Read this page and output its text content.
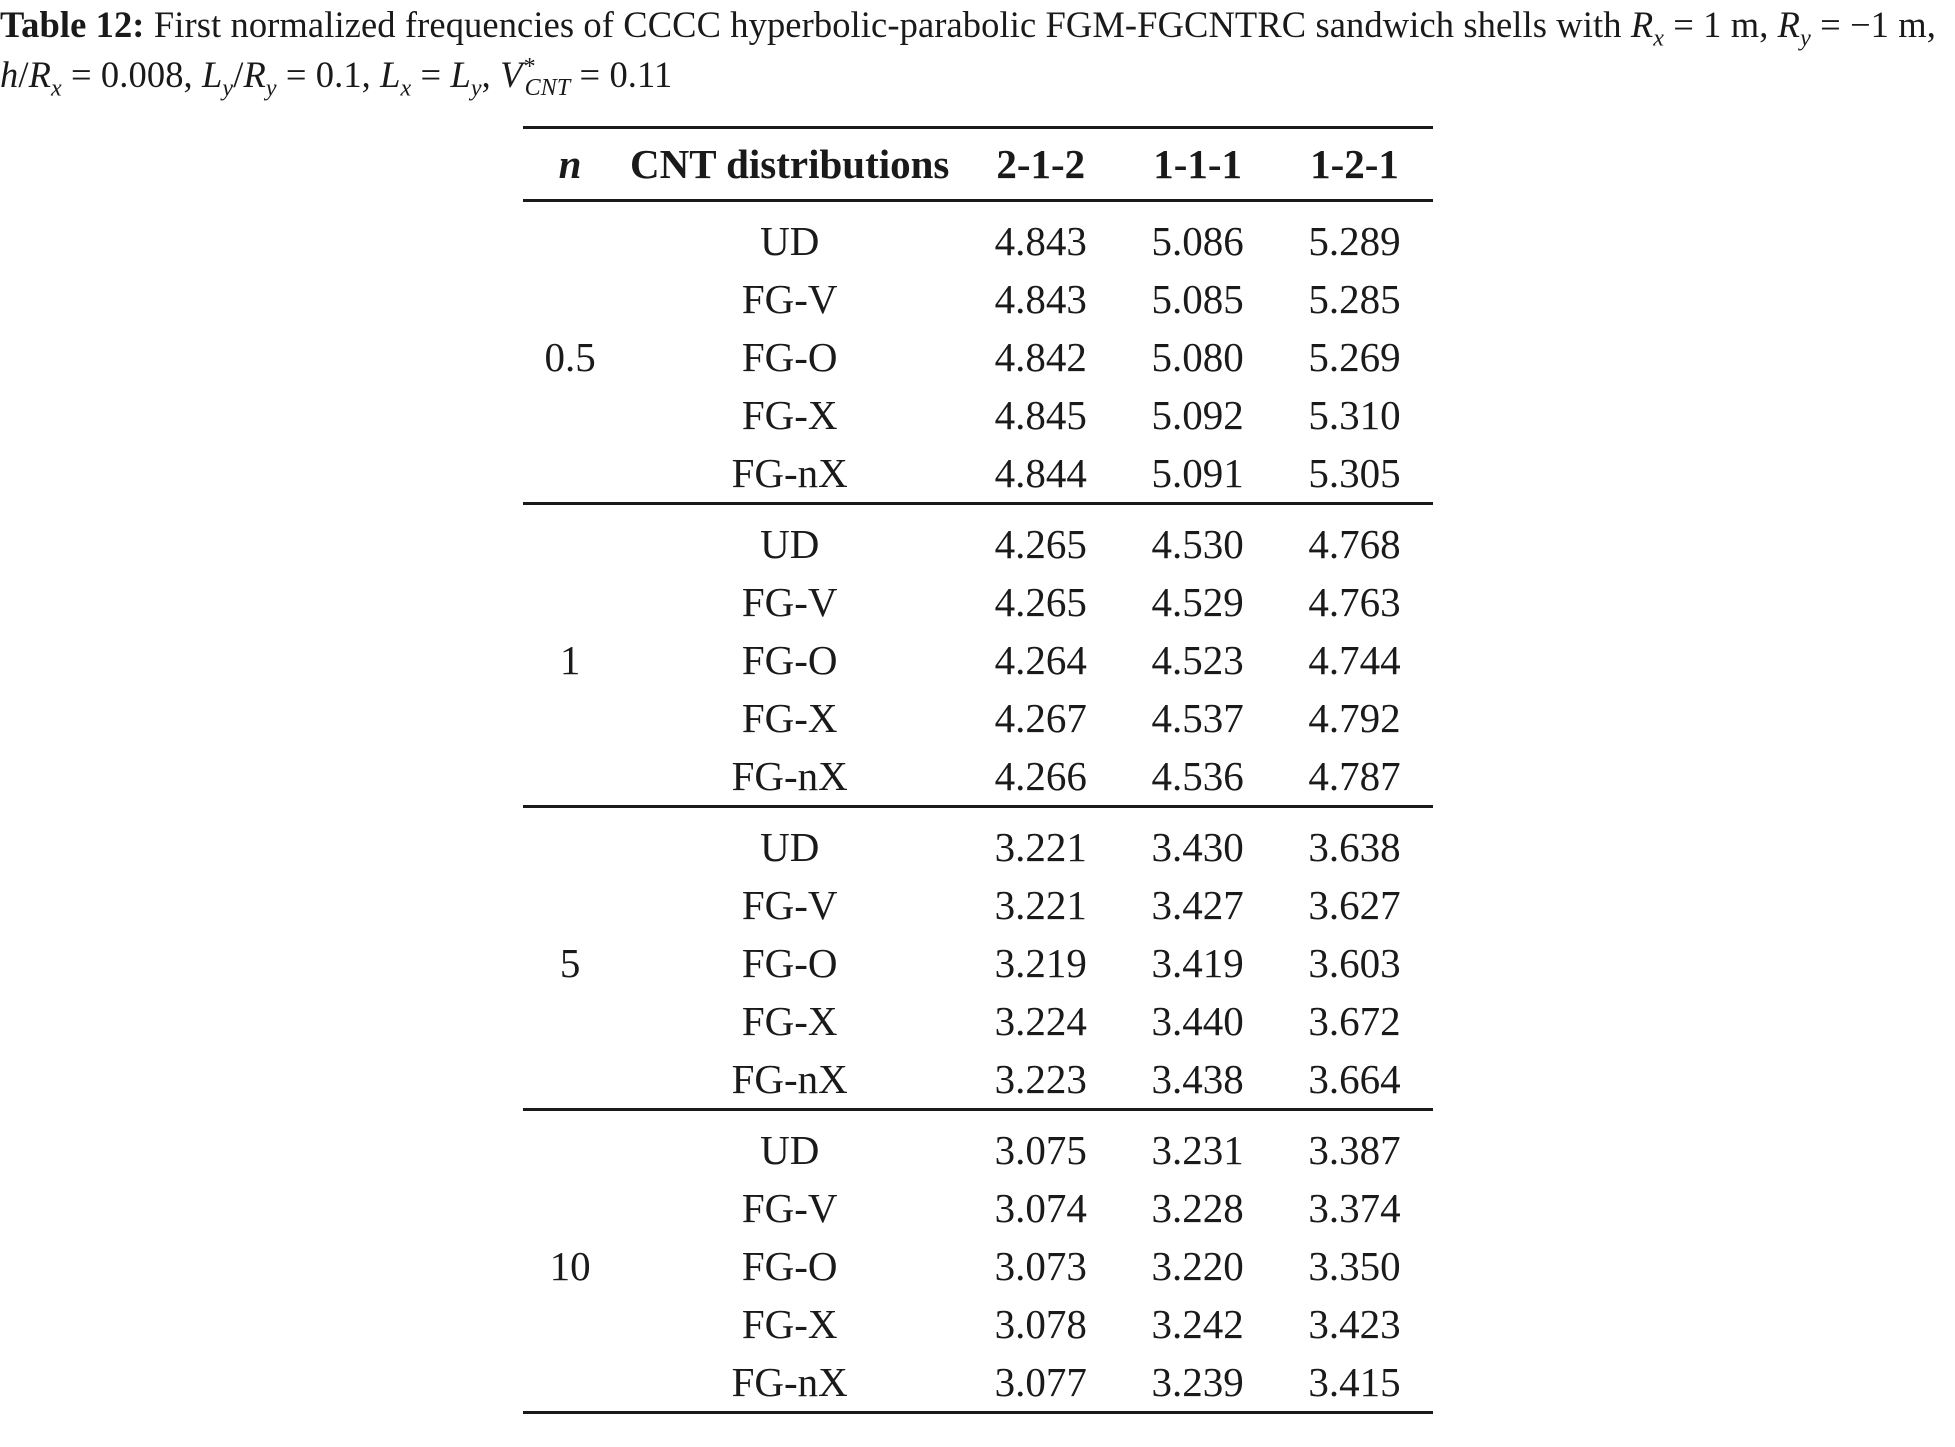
Table 12: First normalized frequencies of CCCC hyperbolic-parabolic FGM-FGCNTRC sandwich shells with $R_x = 1$ m, $R_y = -1$ m, $h/R_x = 0.008$, $L_y/R_y = 0.1$, $L_x = L_y$, $V^*_{CNT} = 0.11$
n	CNT distributions	2-1-2	1-1-1	1-2-1
0.5	UD	4.843	5.086	5.289
	FG-V	4.843	5.085	5.285
	FG-O	4.842	5.080	5.269
	FG-X	4.845	5.092	5.310
	FG-nX	4.844	5.091	5.305
1	UD	4.265	4.530	4.768
	FG-V	4.265	4.529	4.763
	FG-O	4.264	4.523	4.744
	FG-X	4.267	4.537	4.792
	FG-nX	4.266	4.536	4.787
5	UD	3.221	3.430	3.638
	FG-V	3.221	3.427	3.627
	FG-O	3.219	3.419	3.603
	FG-X	3.224	3.440	3.672
	FG-nX	3.223	3.438	3.664
10	UD	3.075	3.231	3.387
	FG-V	3.074	3.228	3.374
	FG-O	3.073	3.220	3.350
	FG-X	3.078	3.242	3.423
	FG-nX	3.077	3.239	3.415
